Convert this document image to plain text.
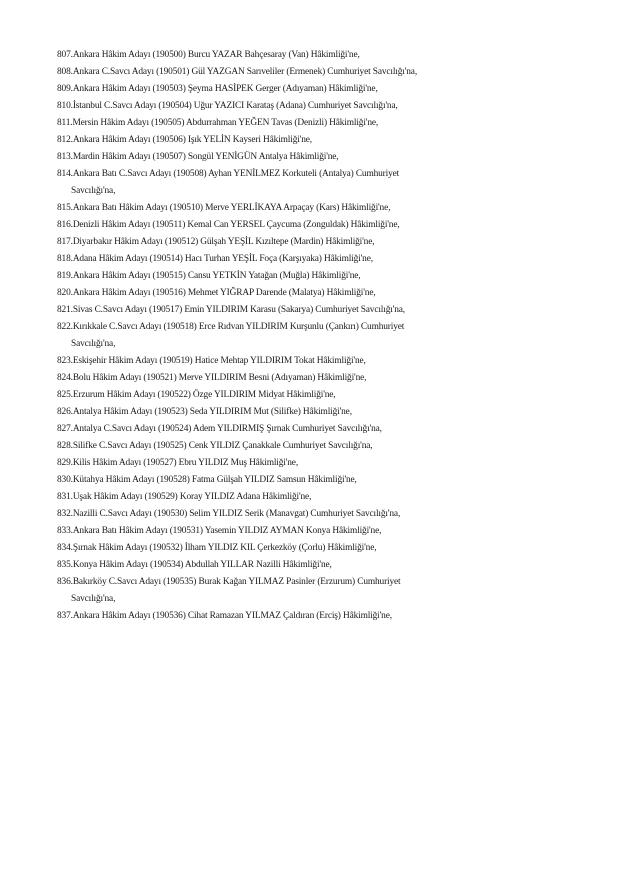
807.Ankara Hâkim Adayı (190500) Burcu YAZAR Bahçesaray (Van) Hâkimliği'ne,
808.Ankara C.Savcı Adayı (190501) Gül YAZGAN Sarıveliler (Ermenek) Cumhuriyet Savcılığı'na,
809.Ankara Hâkim Adayı (190503) Şeyma HASİPEK Gerger (Adıyaman) Hâkimliği'ne,
810.İstanbul C.Savcı Adayı (190504) Uğur YAZICI Karataş (Adana) Cumhuriyet Savcılığı'na,
811.Mersin Hâkim Adayı (190505) Abdurrahman YEĞEN Tavas (Denizli) Hâkimliği'ne,
812.Ankara Hâkim Adayı (190506) Işık YELİN Kayseri Hâkimliği'ne,
813.Mardin Hâkim Adayı (190507) Songül YENİGÜN Antalya Hâkimliği'ne,
814.Ankara Batı C.Savcı Adayı (190508) Ayhan YENİLMEZ Korkuteli (Antalya) Cumhuriyet
Savcılığı'na,
815.Ankara Batı Hâkim Adayı (190510) Merve YERLİKAYA Arpaçay (Kars) Hâkimliği'ne,
816.Denizli Hâkim Adayı (190511) Kemal Can YERSEL Çaycuma (Zonguldak) Hâkimliği'ne,
817.Diyarbakır Hâkim Adayı (190512) Gülşah YEŞİL Kızıltepe (Mardin) Hâkimliği'ne,
818.Adana Hâkim Adayı (190514) Hacı Turhan YEŞİL Foça (Karşıyaka) Hâkimliği'ne,
819.Ankara Hâkim Adayı (190515) Cansu YETKİN Yatağan (Muğla) Hâkimliği'ne,
820.Ankara Hâkim Adayı (190516) Mehmet YIĞRAP Darende (Malatya) Hâkimliği'ne,
821.Sivas C.Savcı Adayı (190517) Emin YILDIRIM Karasu (Sakarya) Cumhuriyet Savcılığı'na,
822.Kırıkkale C.Savcı Adayı (190518) Erce Rıdvan YILDIRIM Kurşunlu (Çankırı) Cumhuriyet
Savcılığı'na,
823.Eskişehir Hâkim Adayı (190519) Hatice Mehtap YILDIRIM Tokat Hâkimliği'ne,
824.Bolu Hâkim Adayı (190521) Merve YILDIRIM Besni (Adıyaman) Hâkimliği'ne,
825.Erzurum Hâkim Adayı (190522) Özge YILDIRIM Midyat Hâkimliği'ne,
826.Antalya Hâkim Adayı (190523) Seda YILDIRIM Mut (Silifke) Hâkimliği'ne,
827.Antalya C.Savcı Adayı (190524) Adem YILDIRMIŞ Şırnak Cumhuriyet Savcılığı'na,
828.Silifke C.Savcı Adayı (190525) Cenk YILDIZ Çanakkale Cumhuriyet Savcılığı'na,
829.Kilis Hâkim Adayı (190527) Ebru YILDIZ Muş Hâkimliği'ne,
830.Kütahya Hâkim Adayı (190528) Fatma Gülşah YILDIZ Samsun Hâkimliği'ne,
831.Uşak Hâkim Adayı (190529) Koray YILDIZ Adana Hâkimliği'ne,
832.Nazilli C.Savcı Adayı (190530) Selim YILDIZ Serik (Manavgat) Cumhuriyet Savcılığı'na,
833.Ankara Batı Hâkim Adayı (190531) Yasemin YILDIZ AYMAN Konya Hâkimliği'ne,
834.Şırnak Hâkim Adayı (190532) İlham YILDIZ KIL Çerkezköy (Çorlu) Hâkimliği'ne,
835.Konya Hâkim Adayı (190534) Abdullah YILLAR Nazilli Hâkimliği'ne,
836.Bakırköy C.Savcı Adayı (190535) Burak Kağan YILMAZ Pasinler (Erzurum) Cumhuriyet
Savcılığı'na,
837.Ankara Hâkim Adayı (190536) Cihat Ramazan YILMAZ Çaldıran (Erciş) Hâkimliği'ne,
